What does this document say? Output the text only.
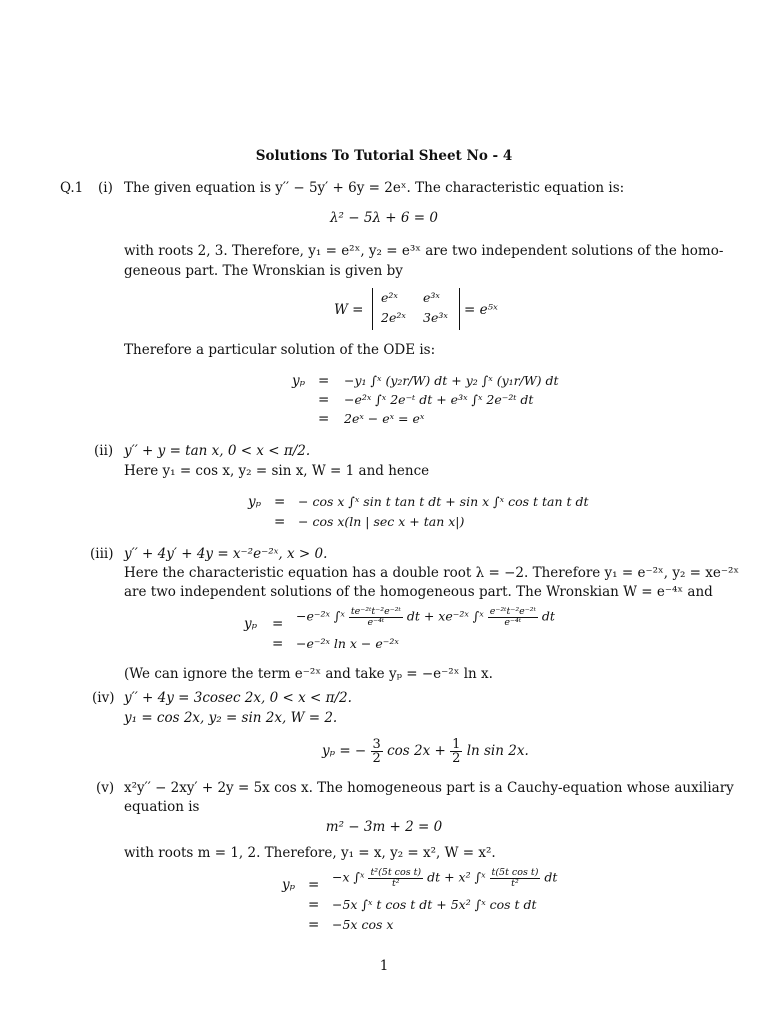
Solutions To Tutorial Sheet No - 4
Q.1 (i) The given equation is y′′ − 5y′ + 6y = 2eˣ. The characteristic equation is:
λ² − 5λ + 6 = 0
with roots 2, 3. Therefore, y₁ = e²ˣ, y₂ = e³ˣ are two independent solutions of the homo-
geneous part. The Wronskian is given by
W =
e²ˣ e³ˣ
2e²ˣ 3e³ˣ = e⁵ˣ
Therefore a particular solution of the ODE is:
yₚ = −y₁ ∫ˣ (y₂r/W) dt + y₂ ∫ˣ (y₁r/W) dt
= −e²ˣ ∫ˣ 2e⁻ᵗ dt + e³ˣ ∫ˣ 2e⁻²ᵗ dt
= 2eˣ − eˣ = eˣ
(ii) y′′ + y = tan x, 0 < x < π/2.
Here y₁ = cos x, y₂ = sin x, W = 1 and hence
yₚ = − cos x ∫ˣ sin t tan t dt + sin x ∫ˣ cos t tan t dt
= − cos x(ln | sec x + tan x|)
(iii) y′′ + 4y′ + 4y = x⁻²e⁻²ˣ, x > 0.
Here the characteristic equation has a double root λ = −2. Therefore y₁ = e⁻²ˣ, y₂ = xe⁻²ˣ
are two independent solutions of the homogeneous part. The Wronskian W = e⁻⁴ˣ and
yₚ = −e⁻²ˣ ∫ˣ $\frac{\text{te⁻²ᵗt⁻²e⁻²ᵗ}}{\text{e⁻⁴ᵗ}}$ dt + xe⁻²ˣ ∫ˣ $\frac{\text{e⁻²ᵗt⁻²e⁻²ᵗ}}{\text{e⁻⁴ᵗ}}$ dt
= −e⁻²ˣ ln x − e⁻²ˣ
(We can ignore the term e⁻²ˣ and take yₚ = −e⁻²ˣ ln x.
(iv) y′′ + 4y = 3cosec 2x, 0 < x < π/2.
y₁ = cos 2x, y₂ = sin 2x, W = 2.
yₚ = − $\frac{3}{2}$ $\cos 2x + \frac{1}{2}$ ln sin 2x.
(v) x²y′′ − 2xy′ + 2y = 5x cos x. The homogeneous part is a Cauchy-equation whose auxiliary
equation is
m² − 3m + 2 = 0
with roots m = 1, 2. Therefore, y₁ = x, y₂ = x², W = x².
yₚ = −x ∫ˣ $\frac{\text{t²(5t cos t)}}{\text{t²}}$ dt + x² ∫ˣ $\frac{\text{t(5t cos t)}}{\text{t²}}$ dt
= −5x ∫ˣ t cos t dt + 5x² ∫ˣ cos t dt
= −5x cos x
1
